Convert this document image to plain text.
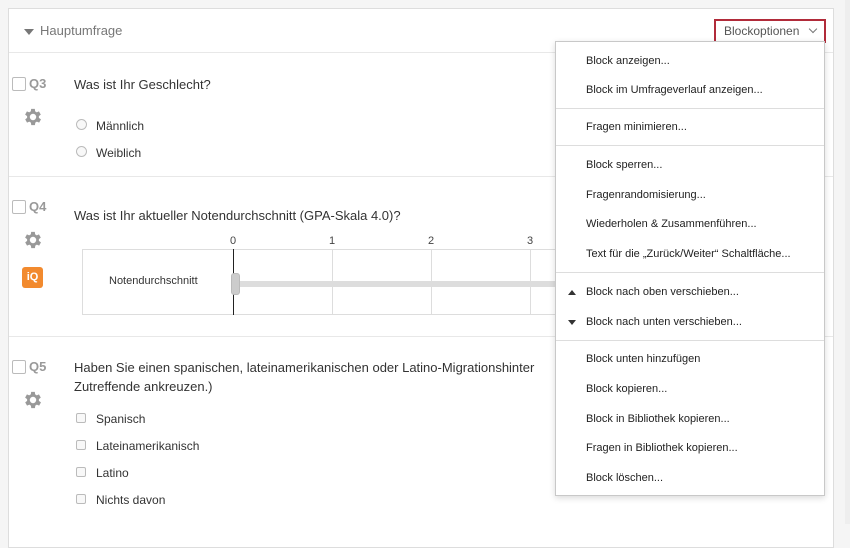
Hauptumfrage	Blockoptionen
Q3 Was ist Ihr Geschlecht?
Männlich
Weiblich
Q4
iQ
Was ist Ihr aktueller Notendurchschnitt (GPA-Skala 4.0)?
0	1	2	3
Notendurchschnitt
Q5 Haben Sie einen spanischen, lateinamerikanischen oder Latino-Migrationshinter
Zutreffende ankreuzen.)
Spanisch
Lateinamerikanisch
Latino
Nichts davon
Block anzeigen...
Block im Umfrageverlauf anzeigen...
Fragen minimieren...
Block sperren...
Fragenrandomisierung...
Wiederholen & Zusammenführen...
Text für die „Zurück/Weiter“ Schaltfläche...
Block nach oben verschieben...
Block nach unten verschieben...
Block unten hinzufügen
Block kopieren...
Block in Bibliothek kopieren...
Fragen in Bibliothek kopieren...
Block löschen...
